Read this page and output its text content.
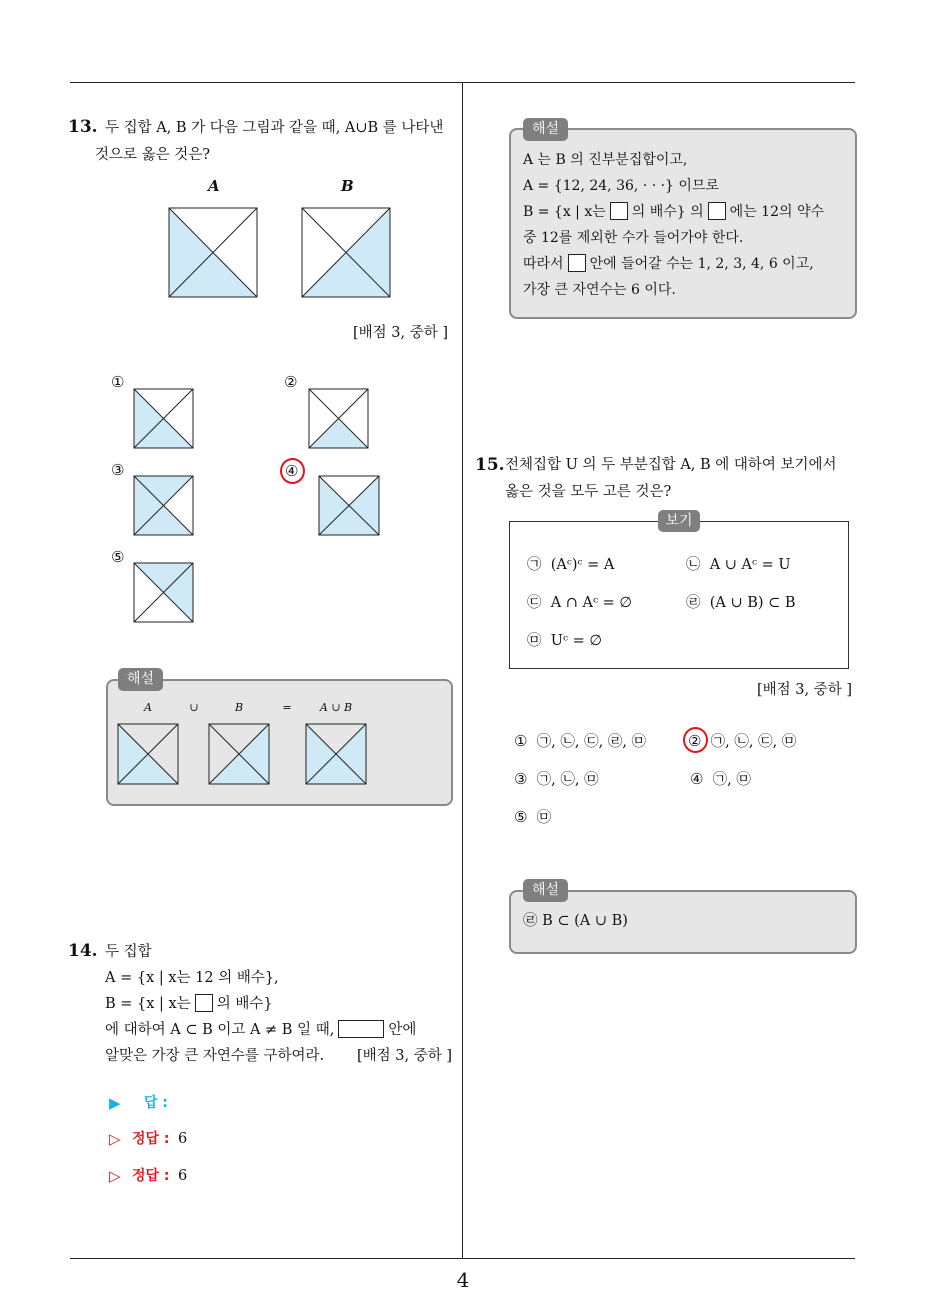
13. 두 집합 A, B 가 다음 그림과 같을 때, A∪B 를 나타낸
것으로 옳은 것은?
A	B
[배점 3, 중하 ]
①	②
③	④
⑤
해설
A	∪	B	=	A ∪ B
14. 두 집합
A = {x | x는 12 의 배수},
B = {x | x는 의 배수}
에 대하여 A ⊂ B 이고 A ≠ B 일 때,	안에
알맞은 가장 큰 자연수를 구하여라. [배점 3, 중하 ]
▶ 답 :
▷ 정답 : 6
▷ 정답 : 6
해설
A 는 B 의 진부분집합이고,
A = {12, 24, 36, · · ·} 이므로
B = {x | x는 의 배수} 의 에는 12의 약수
중 12를 제외한 수가 들어가야 한다.
따라서 안에 들어갈 수는 1, 2, 3, 4, 6 이고,
가장 큰 자연수는 6 이다.
15. 전체집합 U 의 두 부분집합 A, B 에 대하여 보기에서
옳은 것을 모두 고른 것은?
보기
㉠ (Aᶜ)ᶜ = A	㉡ A ∪ Aᶜ = U
㉢ A ∩ Aᶜ = ∅	㉣ (A ∪ B) ⊂ B
㉤ Uᶜ = ∅
[배점 3, 중하 ]
① ㉠, ㉡, ㉢, ㉣, ㉤	② ㉠, ㉡, ㉢, ㉤
③ ㉠, ㉡, ㉤	④ ㉠, ㉤
⑤ ㉤
해설
㉣ B ⊂ (A ∪ B)
4
